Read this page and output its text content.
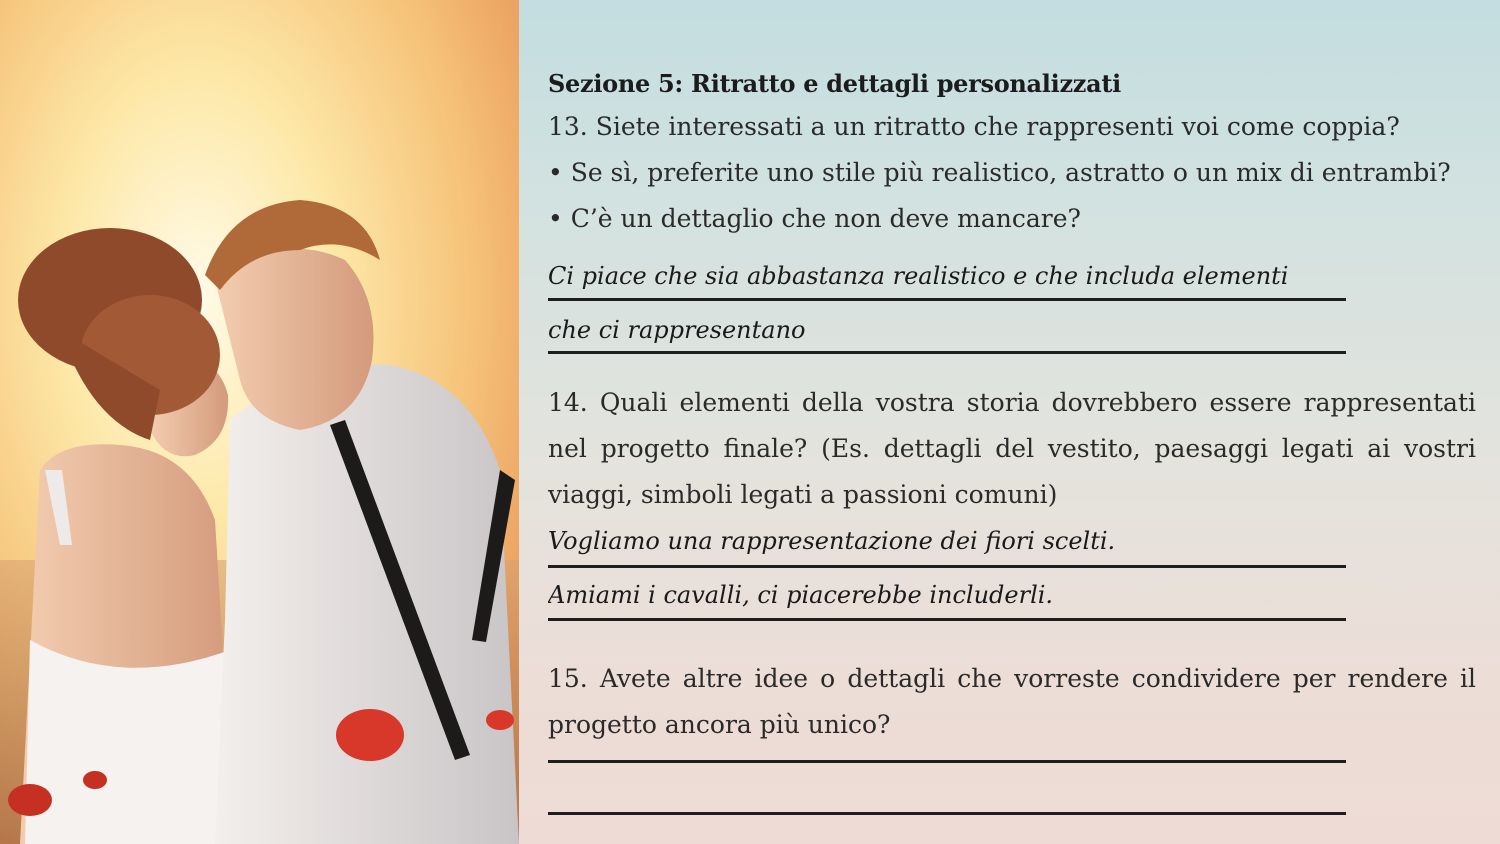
Sezione 5: Ritratto e dettagli personalizzati

13. Siete interessati a un ritratto che rappresenti voi come coppia?

• Se sì, preferite uno stile più realistico, astratto o un mix di entrambi?

• C’è un dettaglio che non deve mancare?

Ci piace che sia abbastanza realistico e che includa elementi

che ci rappresentano

14. Quali elementi della vostra storia dovrebbero essere rappresentati nel progetto finale? (Es. dettagli del vestito, paesaggi legati ai vostri viaggi, simboli legati a passioni comuni)

Vogliamo una rappresentazione dei fiori scelti.

Amiami i cavalli, ci piacerebbe includerli.

15. Avete altre idee o dettagli che vorreste condividere per rendere il progetto ancora più unico?
